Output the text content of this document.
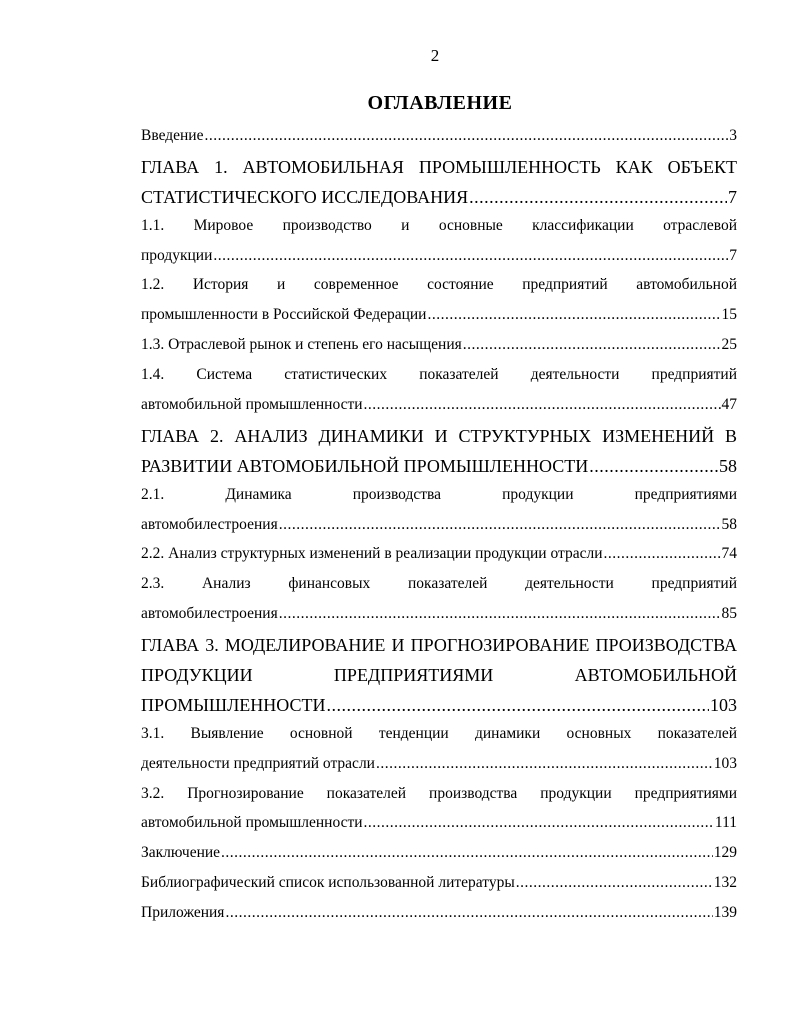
2
ОГЛАВЛЕНИЕ
Введение .....	3
ГЛАВА 1. АВТОМОБИЛЬНАЯ ПРОМЫШЛЕННОСТЬ КАК ОБЪЕКТ
СТАТИСТИЧЕСКОГО ИССЛЕДОВАНИЯ .....	7
1.1. Мировое производство и основные классификации отраслевой
продукции .....	7
1.2. История и современное состояние предприятий автомобильной
промышленности в Российской Федерации .....	15
1.3. Отраслевой рынок и степень его насыщения .....	25
1.4. Система статистических показателей деятельности предприятий
автомобильной промышленности .....	47
ГЛАВА 2. АНАЛИЗ ДИНАМИКИ И СТРУКТУРНЫХ ИЗМЕНЕНИЙ В
РАЗВИТИИ АВТОМОБИЛЬНОЙ ПРОМЫШЛЕННОСТИ .....	58
2.1. Динамика производства продукции предприятиями
автомобилестроения .....	58
2.2. Анализ структурных изменений в реализации продукции отрасли .....	74
2.3. Анализ финансовых показателей деятельности предприятий
автомобилестроения .....	85
ГЛАВА 3. МОДЕЛИРОВАНИЕ И ПРОГНОЗИРОВАНИЕ ПРОИЗВОДСТВА
ПРОДУКЦИИ ПРЕДПРИЯТИЯМИ АВТОМОБИЛЬНОЙ
ПРОМЫШЛЕННОСТИ .....	103
3.1. Выявление основной тенденции динамики основных показателей
деятельности предприятий отрасли .....	103
3.2. Прогнозирование показателей производства продукции предприятиями
автомобильной промышленности .....	111
Заключение .....	129
Библиографический список использованной литературы .....	132
Приложения .....	139
